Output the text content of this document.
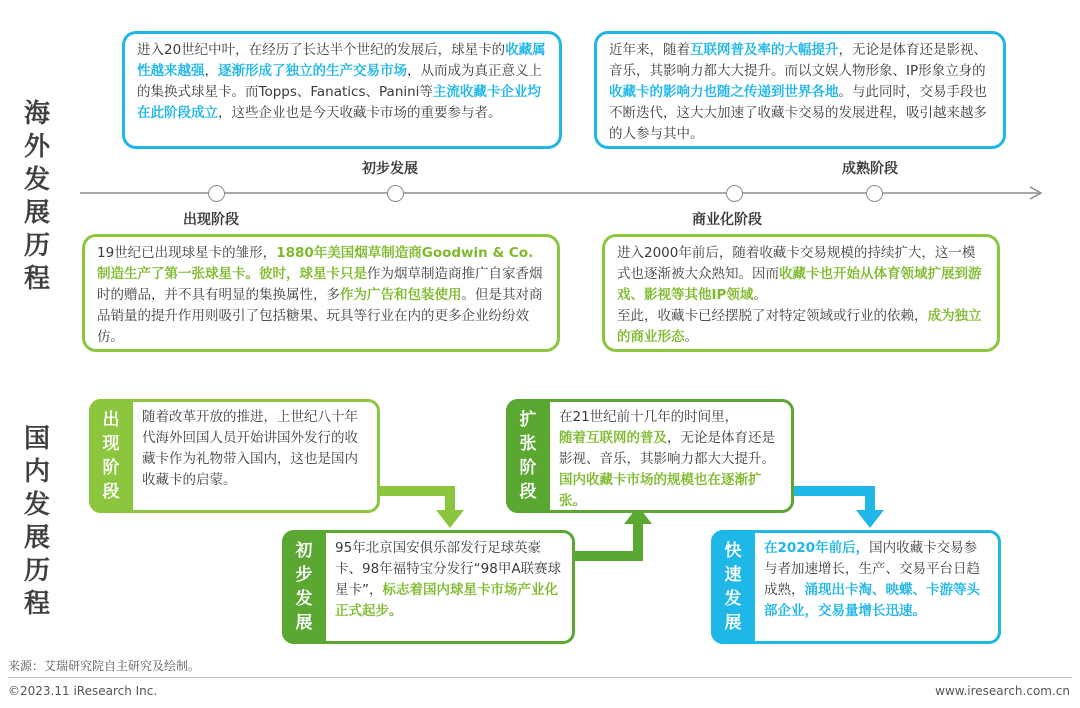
海外发展历程
国内发展历程
出现阶段
初步发展
商业化阶段
成熟阶段
进入20世纪中叶，在经历了长达半个世纪的发展后，球星卡的收藏属性越来越强，逐渐形成了独立的生产交易市场，从而成为真正意义上的集换式球星卡。而Topps、Fanatics、Panini等主流收藏卡企业均在此阶段成立，这些企业也是今天收藏卡市场的重要参与者。
近年来，随着互联网普及率的大幅提升，无论是体育还是影视、音乐，其影响力都大大提升。而以文娱人物形象、IP形象立身的收藏卡的影响力也随之传递到世界各地。与此同时，交易手段也不断迭代，这大大加速了收藏卡交易的发展进程，吸引越来越多的人参与其中。
19世纪已出现球星卡的雏形，1880年美国烟草制造商Goodwin & Co.制造生产了第一张球星卡。彼时，球星卡只是作为烟草制造商推广自家香烟时的赠品，并不具有明显的集换属性，多作为广告和包装使用。但是其对商品销量的提升作用则吸引了包括糖果、玩具等行业在内的更多企业纷纷效仿。
进入2000年前后，随着收藏卡交易规模的持续扩大，这一模式也逐渐被大众熟知。因而收藏卡也开始从体育领域扩展到游戏、影视等其他IP领域。
至此，收藏卡已经摆脱了对特定领域或行业的依赖，成为独立的商业形态。
出现阶段
随着改革开放的推进，上世纪八十年代海外回国人员开始讲国外发行的收藏卡作为礼物带入国内，这也是国内收藏卡的启蒙。
初步发展
95年北京国安俱乐部发行足球英豪卡、98年福特宝分发行“98甲A联赛球星卡”，标志着国内球星卡市场产业化正式起步。
扩张阶段
在21世纪前十几年的时间里，
随着互联网的普及，无论是体育还是影视、音乐，其影响力都大大提升。国内收藏卡市场的规模也在逐渐扩张。
快速发展
在2020年前后，国内收藏卡交易参与者加速增长，生产、交易平台日趋成熟，涌现出卡淘、映蝶、卡游等头部企业，交易量增长迅速。
来源：艾瑞研究院自主研究及绘制。
©2023.11 iResearch Inc.	www.iresearch.com.cn
